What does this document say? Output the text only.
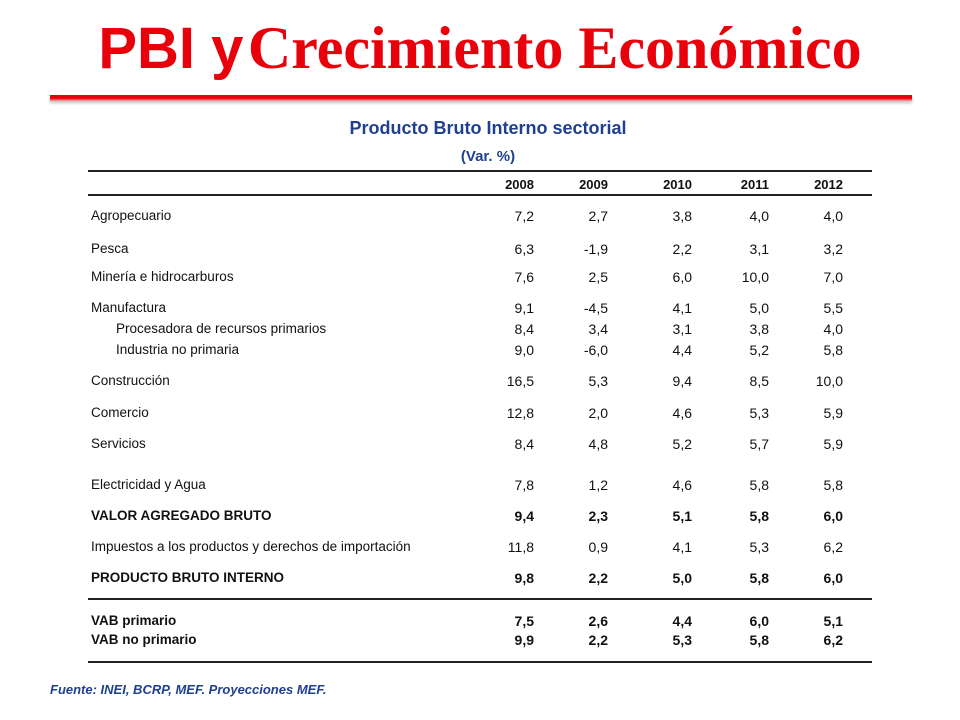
PBI y Crecimiento Económico
Producto Bruto Interno sectorial
(Var. %)
2008	2009	2010	2011	2012
Agropecuario	7,2	2,7	3,8	4,0	4,0
Pesca	6,3	-1,9	2,2	3,1	3,2
Minería e hidrocarburos	7,6	2,5	6,0	10,0	7,0
Manufactura	9,1	-4,5	4,1	5,0	5,5
Procesadora de recursos primarios	8,4	3,4	3,1	3,8	4,0
Industria no primaria	9,0	-6,0	4,4	5,2	5,8
Construcción	16,5	5,3	9,4	8,5	10,0
Comercio	12,8	2,0	4,6	5,3	5,9
Servicios	8,4	4,8	5,2	5,7	5,9
Electricidad y Agua	7,8	1,2	4,6	5,8	5,8
VALOR AGREGADO BRUTO	9,4	2,3	5,1	5,8	6,0
Impuestos a los productos y derechos de importación	11,8	0,9	4,1	5,3	6,2
PRODUCTO BRUTO INTERNO	9,8	2,2	5,0	5,8	6,0
VAB primario	7,5	2,6	4,4	6,0	5,1
VAB no primario	9,9	2,2	5,3	5,8	6,2
Fuente: INEI, BCRP, MEF. Proyecciones MEF.
